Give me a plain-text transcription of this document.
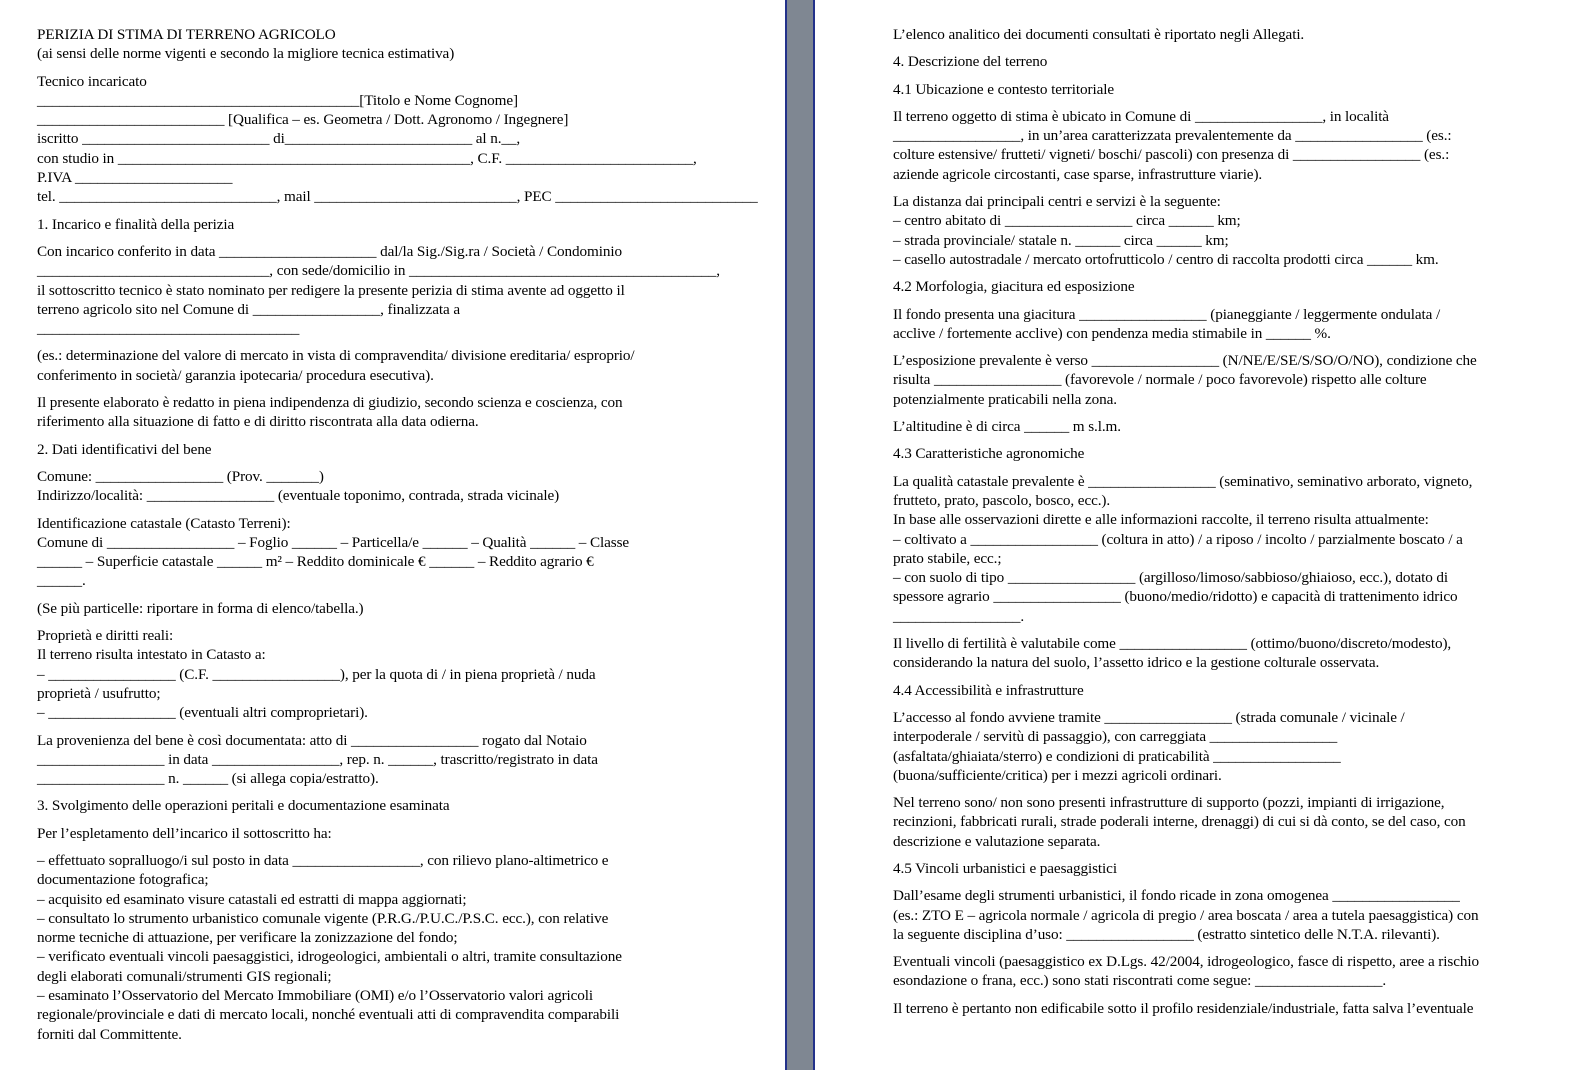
PERIZIA DI STIMA DI TERRENO AGRICOLO
(ai sensi delle norme vigenti e secondo la migliore tecnica estimativa)

Tecnico incaricato
___________________________________________[Titolo e Nome Cognome]
_________________________ [Qualifica – es. Geometra / Dott. Agronomo / Ingegnere]
iscritto _________________________ di_________________________ al n.__,
con studio in _______________________________________________, C.F. _________________________,
P.IVA _____________________
tel. _____________________________, mail ___________________________, PEC ___________________________

1. Incarico e finalità della perizia

Con incarico conferito in data _____________________ dal/la Sig./Sig.ra / Società / Condominio
_______________________________, con sede/domicilio in _________________________________________,
il sottoscritto tecnico è stato nominato per redigere la presente perizia di stima avente ad oggetto il
terreno agricolo sito nel Comune di _________________, finalizzata a
___________________________________

(es.: determinazione del valore di mercato in vista di compravendita/ divisione ereditaria/ esproprio/
conferimento in società/ garanzia ipotecaria/ procedura esecutiva).

Il presente elaborato è redatto in piena indipendenza di giudizio, secondo scienza e coscienza, con
riferimento alla situazione di fatto e di diritto riscontrata alla data odierna.

2. Dati identificativi del bene

Comune: _________________ (Prov. _______)
Indirizzo/località: _________________ (eventuale toponimo, contrada, strada vicinale)

Identificazione catastale (Catasto Terreni):
Comune di _________________ – Foglio ______ – Particella/e ______ – Qualità ______ – Classe
______ – Superficie catastale ______ m² – Reddito dominicale € ______ – Reddito agrario €
______.

(Se più particelle: riportare in forma di elenco/tabella.)

Proprietà e diritti reali:
Il terreno risulta intestato in Catasto a:
– _________________ (C.F. _________________), per la quota di / in piena proprietà / nuda
proprietà / usufrutto;
– _________________ (eventuali altri comproprietari).

La provenienza del bene è così documentata: atto di _________________ rogato dal Notaio
_________________ in data _________________, rep. n. ______, trascritto/registrato in data
_________________ n. ______ (si allega copia/estratto).

3. Svolgimento delle operazioni peritali e documentazione esaminata

Per l’espletamento dell’incarico il sottoscritto ha:

– effettuato sopralluogo/i sul posto in data _________________, con rilievo plano-altimetrico e
documentazione fotografica;
– acquisito ed esaminato visure catastali ed estratti di mappa aggiornati;
– consultato lo strumento urbanistico comunale vigente (P.R.G./P.U.C./P.S.C. ecc.), con relative
norme tecniche di attuazione, per verificare la zonizzazione del fondo;
– verificato eventuali vincoli paesaggistici, idrogeologici, ambientali o altri, tramite consultazione
degli elaborati comunali/strumenti GIS regionali;
– esaminato l’Osservatorio del Mercato Immobiliare (OMI) e/o l’Osservatorio valori agricoli
regionale/provinciale e dati di mercato locali, nonché eventuali atti di compravendita comparabili
forniti dal Committente.

L’elenco analitico dei documenti consultati è riportato negli Allegati.

4. Descrizione del terreno

4.1 Ubicazione e contesto territoriale

Il terreno oggetto di stima è ubicato in Comune di _________________, in località
_________________, in un’area caratterizzata prevalentemente da _________________ (es.:
colture estensive/ frutteti/ vigneti/ boschi/ pascoli) con presenza di _________________ (es.:
aziende agricole circostanti, case sparse, infrastrutture viarie).

La distanza dai principali centri e servizi è la seguente:
– centro abitato di _________________ circa ______ km;
– strada provinciale/ statale n. ______ circa ______ km;
– casello autostradale / mercato ortofrutticolo / centro di raccolta prodotti circa ______ km.

4.2 Morfologia, giacitura ed esposizione

Il fondo presenta una giacitura _________________ (pianeggiante / leggermente ondulata /
acclive / fortemente acclive) con pendenza media stimabile in ______ %.

L’esposizione prevalente è verso _________________ (N/NE/E/SE/S/SO/O/NO), condizione che
risulta _________________ (favorevole / normale / poco favorevole) rispetto alle colture
potenzialmente praticabili nella zona.

L’altitudine è di circa ______ m s.l.m.

4.3 Caratteristiche agronomiche

La qualità catastale prevalente è _________________ (seminativo, seminativo arborato, vigneto,
frutteto, prato, pascolo, bosco, ecc.).
In base alle osservazioni dirette e alle informazioni raccolte, il terreno risulta attualmente:
– coltivato a _________________ (coltura in atto) / a riposo / incolto / parzialmente boscato / a
prato stabile, ecc.;
– con suolo di tipo _________________ (argilloso/limoso/sabbioso/ghiaioso, ecc.), dotato di
spessore agrario _________________ (buono/medio/ridotto) e capacità di trattenimento idrico
_________________.

Il livello di fertilità è valutabile come _________________ (ottimo/buono/discreto/modesto),
considerando la natura del suolo, l’assetto idrico e la gestione colturale osservata.

4.4 Accessibilità e infrastrutture

L’accesso al fondo avviene tramite _________________ (strada comunale / vicinale /
interpoderale / servitù di passaggio), con carreggiata _________________
(asfaltata/ghiaiata/sterro) e condizioni di praticabilità _________________
(buona/sufficiente/critica) per i mezzi agricoli ordinari.

Nel terreno sono/ non sono presenti infrastrutture di supporto (pozzi, impianti di irrigazione,
recinzioni, fabbricati rurali, strade poderali interne, drenaggi) di cui si dà conto, se del caso, con
descrizione e valutazione separata.

4.5 Vincoli urbanistici e paesaggistici

Dall’esame degli strumenti urbanistici, il fondo ricade in zona omogenea _________________
(es.: ZTO E – agricola normale / agricola di pregio / area boscata / area a tutela paesaggistica) con
la seguente disciplina d’uso: _________________ (estratto sintetico delle N.T.A. rilevanti).

Eventuali vincoli (paesaggistico ex D.Lgs. 42/2004, idrogeologico, fasce di rispetto, aree a rischio
esondazione o frana, ecc.) sono stati riscontrati come segue: _________________.

Il terreno è pertanto non edificabile sotto il profilo residenziale/industriale, fatta salva l’eventuale
